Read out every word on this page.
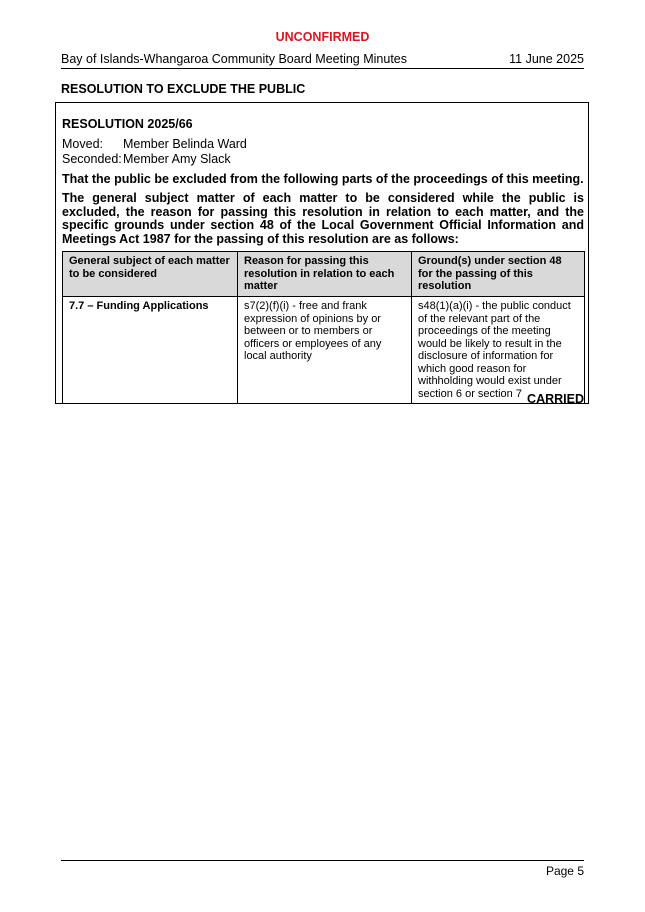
UNCONFIRMED
Bay of Islands-Whangaroa Community Board Meeting Minutes	11 June 2025
RESOLUTION TO EXCLUDE THE PUBLIC
RESOLUTION 2025/66
Moved: Member Belinda Ward
Seconded:Member Amy Slack
That the public be excluded from the following parts of the proceedings of this meeting.
The general subject matter of each matter to be considered while the public is excluded, the reason for passing this resolution in relation to each matter, and the specific grounds under section 48 of the Local Government Official Information and Meetings Act 1987 for the passing of this resolution are as follows:
General subject of each matter to be considered	Reason for passing this resolution in relation to each matter	Ground(s) under section 48 for the passing of this resolution
7.7 – Funding Applications	s7(2)(f)(i) - free and frank expression of opinions by or between or to members or officers or employees of any local authority	s48(1)(a)(i) - the public conduct of the relevant part of the proceedings of the meeting would be likely to result in the disclosure of information for which good reason for withholding would exist under section 6 or section 7 CARRIED
Page 5
